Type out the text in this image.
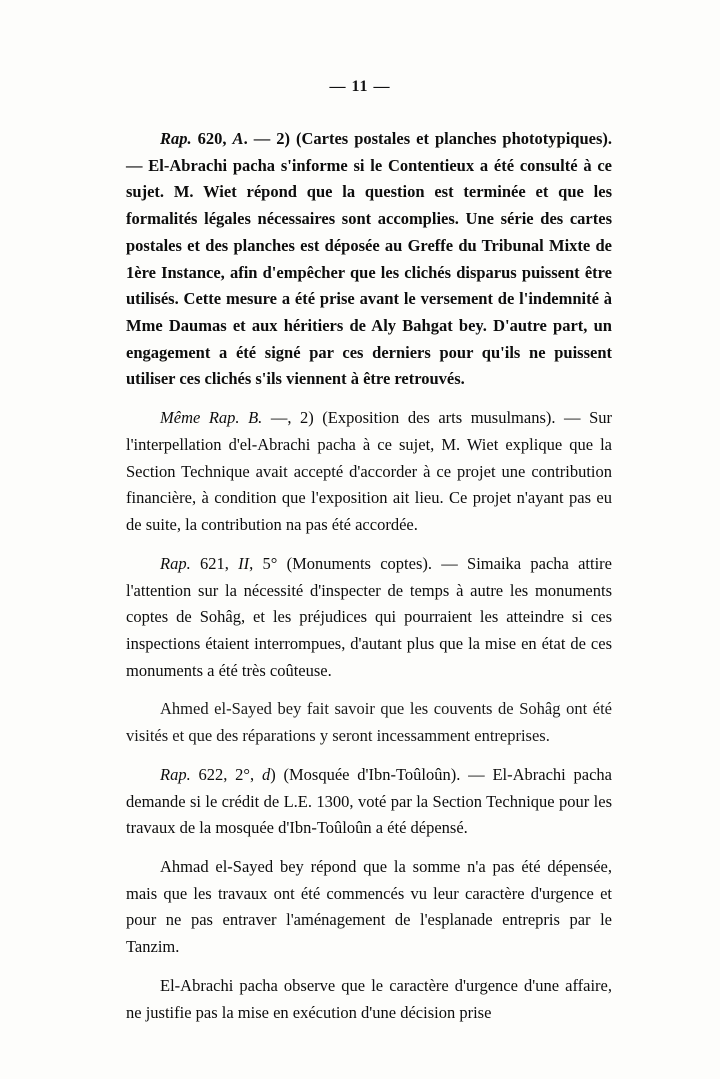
— 11 —

Rap. 620, A. — 2) (Cartes postales et planches phototypiques). — El-Abrachi pacha s'informe si le Contentieux a été consulté à ce sujet. M. Wiet répond que la question est terminée et que les formalités légales nécessaires sont accomplies. Une série des cartes postales et des planches est déposée au Greffe du Tribunal Mixte de 1ère Instance, afin d'empêcher que les clichés disparus puissent être utilisés. Cette mesure a été prise avant le versement de l'indemnité à Mme Daumas et aux héritiers de Aly Bahgat bey. D'autre part, un engagement a été signé par ces derniers pour qu'ils ne puissent utiliser ces clichés s'ils viennent à être retrouvés.

Même Rap. B. —, 2) (Exposition des arts musulmans). — Sur l'interpellation d'el-Abrachi pacha à ce sujet, M. Wiet explique que la Section Technique avait accepté d'accorder à ce projet une contribution financière, à condition que l'exposition ait lieu. Ce projet n'ayant pas eu de suite, la contribution na pas été accordée.

Rap. 621, II, 5° (Monuments coptes). — Simaika pacha attire l'attention sur la nécessité d'inspecter de temps à autre les monuments coptes de Sohâg, et les préjudices qui pourraient les atteindre si ces inspections étaient interrompues, d'autant plus que la mise en état de ces monuments a été très coûteuse.

Ahmed el-Sayed bey fait savoir que les couvents de Sohâg ont été visités et que des réparations y seront incessamment entreprises.

Rap. 622, 2°, d) (Mosquée d'Ibn-Toûloûn). — El-Abrachi pacha demande si le crédit de L.E. 1300, voté par la Section Technique pour les travaux de la mosquée d'Ibn-Toûloûn a été dépensé.

Ahmad el-Sayed bey répond que la somme n'a pas été dépensée, mais que les travaux ont été commencés vu leur caractère d'urgence et pour ne pas entraver l'aménagement de l'esplanade entrepris par le Tanzim.

El-Abrachi pacha observe que le caractère d'urgence d'une affaire, ne justifie pas la mise en exécution d'une décision prise
